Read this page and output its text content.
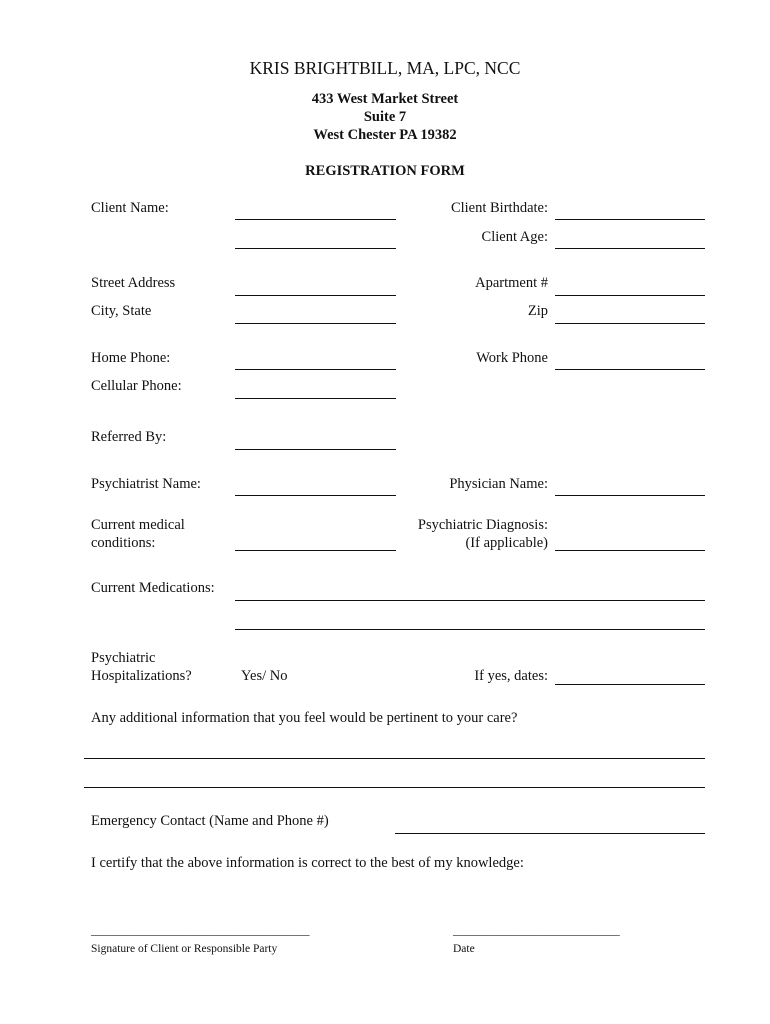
KRIS BRIGHTBILL, MA, LPC, NCC
433 West Market Street
Suite 7
West Chester PA 19382
REGISTRATION FORM
Client Name:	Client Birthdate:
Client Age:
Street Address	Apartment #
City, State	Zip
Home Phone:	Work Phone
Cellular Phone:
Referred By:
Psychiatrist Name:	Physician Name:
Current medical
conditions:
Psychiatric Diagnosis:
(If applicable)
Current Medications:
Psychiatric
Hospitalizations?	Yes/ No	If yes, dates:
Any additional information that you feel would be pertinent to your care?
Emergency Contact (Name and Phone #)
I certify that the above information is correct to the best of my knowledge:
______________________________________
Signature of Client or Responsible Party
_____________________________
Date
